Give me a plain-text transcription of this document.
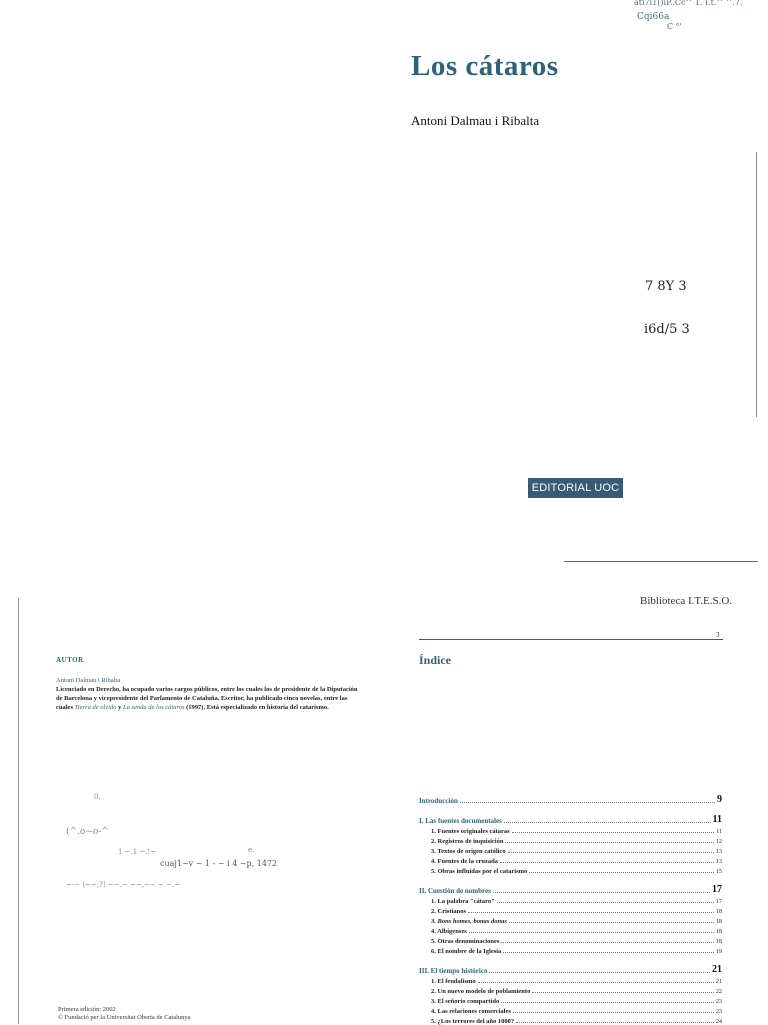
ati7i1()iP..Cc^ 1. I.t.^ ^.7.
Cqi66a
C °'
Los cátaros
Antoni Dalmau i Ribalta
7 8Y 3
i6d/5 3
EDITORIAL UOC
Biblioteca I.T.E.S.O.
AUTOR
Antoni Dalmau i Ribalta
Licenciado en Derecho, ha ocupado varios cargos públicos, entre los cuales los de presidente de la Diputación de Barcelona y vicepresidente del Parlamento de Cataluña. Escritor, ha publicado cinco novelas, entre las cuales Tierra de olvido y La senda de los cátaros (1997). Está especializado en historia del catarismo.
0,
(^.o~o-^
1 ~.1 ~.!~	e.
cuaj1~v ~ 1 - ~ i 4 ~p, 1472
~-~ (~~;?! ~~.~ ~~,~~ ~ ~.~
Primera edición: 2002
© Fundació per la Universitat Oberta de Catalunya
3
Índice
Introducción	9
I. Las fuentes documentales	11
1. Fuentes originales cátaras	11
2. Registros de inquisición	12
3. Textos de origen católico	13
4. Fuentes de la cruzada	13
5. Obras influidas por el catarismo	15
II. Cuestión de nombres	17
1. La palabra "cátaro"	17
2. Cristianos	18
3. Bons homes, bonas donas	18
4. Albigenses	18
5. Otras denominaciones	18
6. El nombre de la Iglesia	19
III. El tiempo histórico	21
1. El feudalismo	21
2. Un nuevo modelo de poblamiento	22
3. El señorío compartido	23
4. Las relaciones comerciales	23
5. ¿Los terrores del año 1000?	24
